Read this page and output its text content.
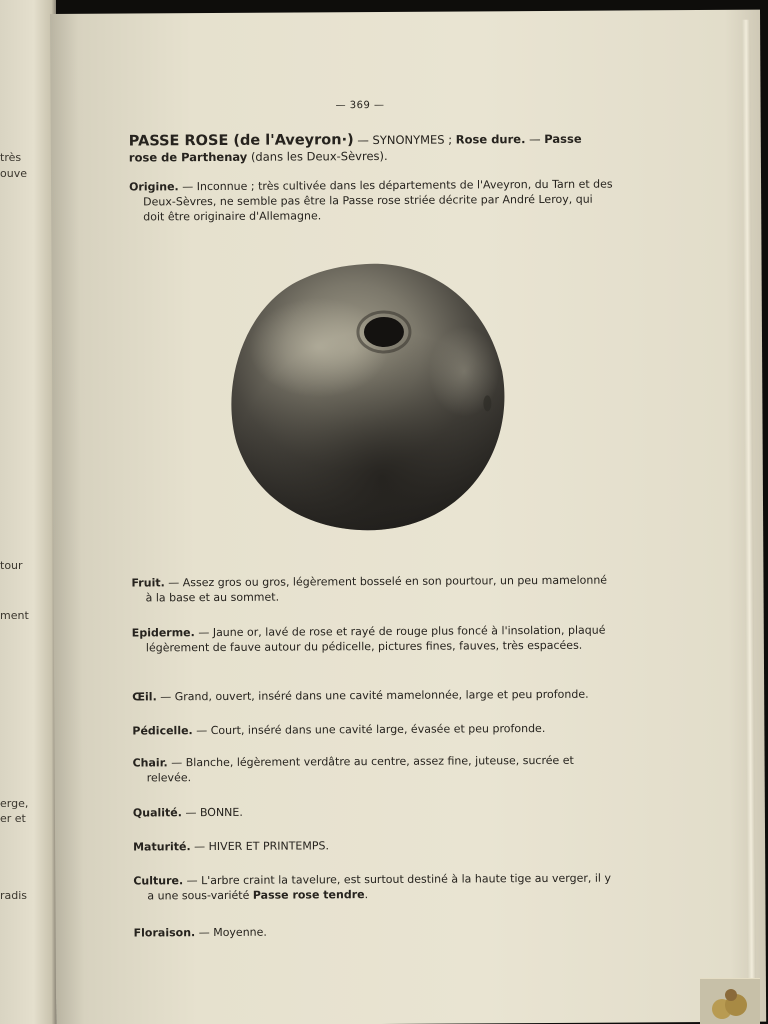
très
ouve
tour
ment
erge,
er et
radis
— 369 —
PASSE ROSE (de l'Aveyron·) — SYNONYMES ; Rose dure. — Passe rose de Parthenay (dans les Deux-Sèvres).
Origine. — Inconnue ; très cultivée dans les départements de l'Aveyron, du Tarn et des Deux-Sèvres, ne semble pas être la Passe rose striée décrite par André Leroy, qui doit être originaire d'Allemagne.
Fruit. — Assez gros ou gros, légèrement bosselé en son pourtour, un peu mamelonné à la base et au sommet.
Epiderme. — Jaune or, lavé de rose et rayé de rouge plus foncé à l'insolation, plaqué légèrement de fauve autour du pédicelle, pictures fines, fauves, très espacées.
Œil. — Grand, ouvert, inséré dans une cavité mamelonnée, large et peu profonde.
Pédicelle. — Court, inséré dans une cavité large, évasée et peu profonde.
Chair. — Blanche, légèrement verdâtre au centre, assez fine, juteuse, sucrée et relevée.
Qualité. — BONNE.
Maturité. — HIVER ET PRINTEMPS.
Culture. — L'arbre craint la tavelure, est surtout destiné à la haute tige au verger, il y a une sous-variété Passe rose tendre.
Floraison. — Moyenne.
